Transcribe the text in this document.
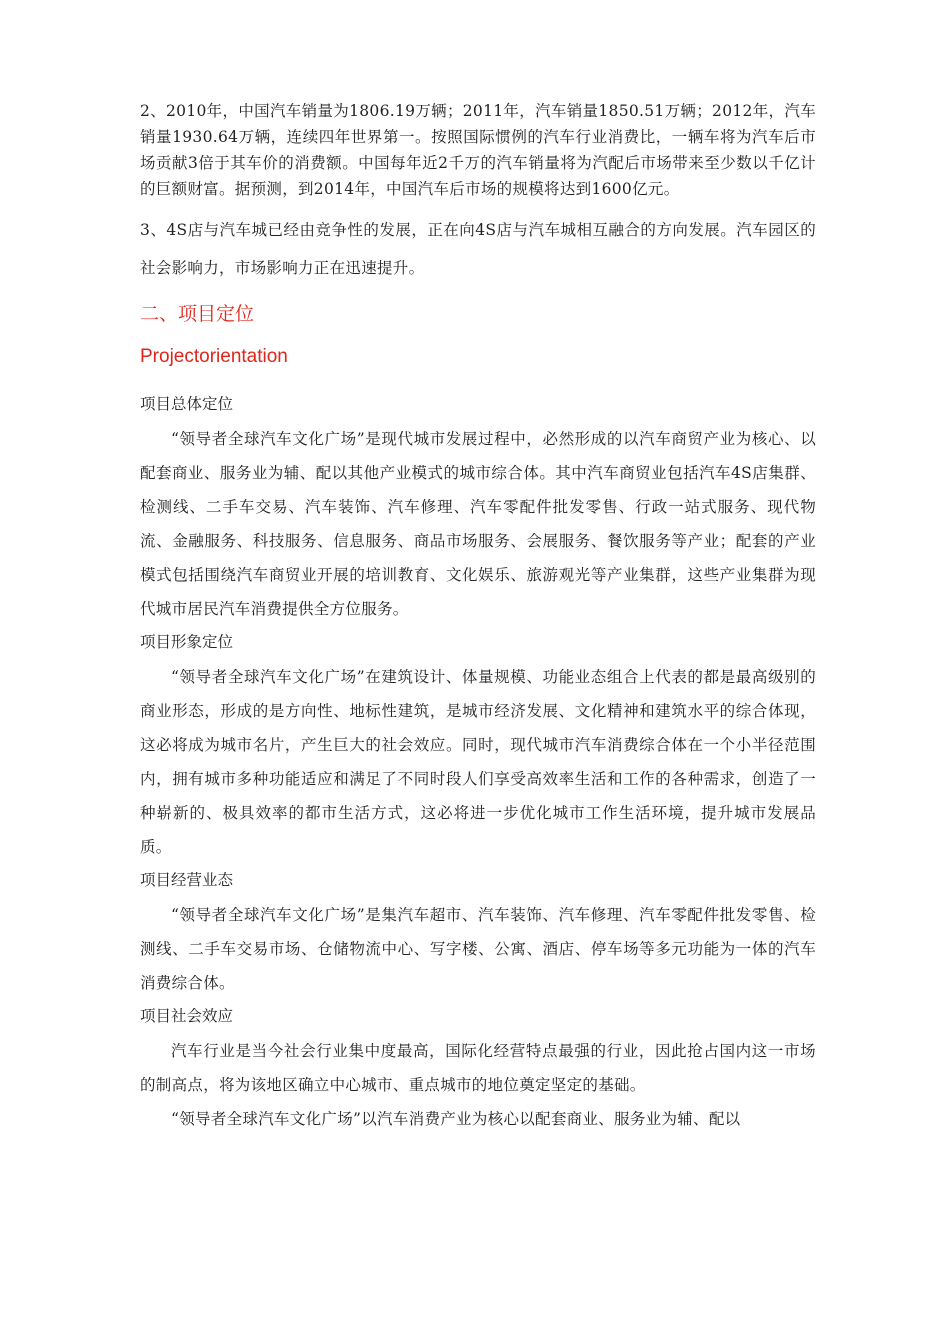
2、2010年，中国汽车销量为1806.19万辆；2011年，汽车销量1850.51万辆；2012年，汽车销量1930.64万辆，连续四年世界第一。按照国际惯例的汽车行业消费比，一辆车将为汽车后市场贡献3倍于其车价的消费额。中国每年近2千万的汽车销量将为汽配后市场带来至少数以千亿计的巨额财富。据预测，到2014年，中国汽车后市场的规模将达到1600亿元。

3、4S店与汽车城已经由竞争性的发展，正在向4S店与汽车城相互融合的方向发展。汽车园区的社会影响力，市场影响力正在迅速提升。

二、项目定位

Projectorientation

项目总体定位

“领导者全球汽车文化广场”是现代城市发展过程中，必然形成的以汽车商贸产业为核心、以配套商业、服务业为辅、配以其他产业模式的城市综合体。其中汽车商贸业包括汽车4S店集群、检测线、二手车交易、汽车装饰、汽车修理、汽车零配件批发零售、行政一站式服务、现代物流、金融服务、科技服务、信息服务、商品市场服务、会展服务、餐饮服务等产业；配套的产业模式包括围绕汽车商贸业开展的培训教育、文化娱乐、旅游观光等产业集群，这些产业集群为现代城市居民汽车消费提供全方位服务。

项目形象定位

“领导者全球汽车文化广场”在建筑设计、体量规模、功能业态组合上代表的都是最高级别的商业形态，形成的是方向性、地标性建筑，是城市经济发展、文化精神和建筑水平的综合体现，这必将成为城市名片，产生巨大的社会效应。同时，现代城市汽车消费综合体在一个小半径范围内，拥有城市多种功能适应和满足了不同时段人们享受高效率生活和工作的各种需求，创造了一种崭新的、极具效率的都市生活方式，这必将进一步优化城市工作生活环境，提升城市发展品质。

项目经营业态

“领导者全球汽车文化广场”是集汽车超市、汽车装饰、汽车修理、汽车零配件批发零售、检测线、二手车交易市场、仓储物流中心、写字楼、公寓、酒店、停车场等多元功能为一体的汽车消费综合体。

项目社会效应

汽车行业是当今社会行业集中度最高，国际化经营特点最强的行业，因此抢占国内这一市场的制高点，将为该地区确立中心城市、重点城市的地位奠定坚定的基础。

“领导者全球汽车文化广场”以汽车消费产业为核心以配套商业、服务业为辅、配以
